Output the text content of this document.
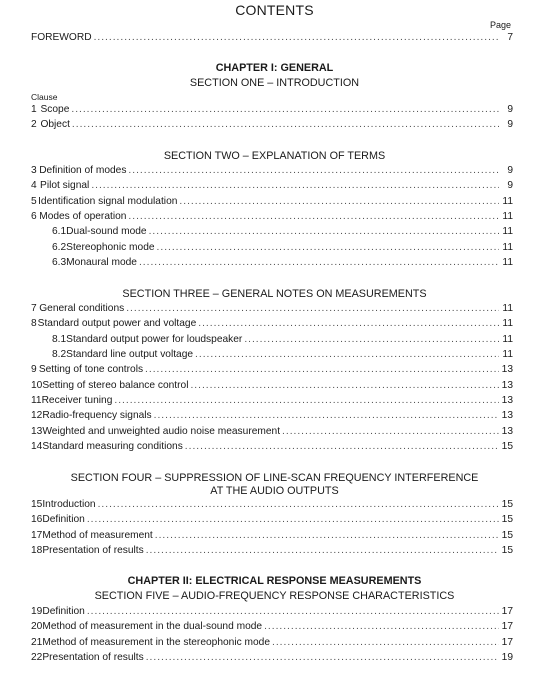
CONTENTS
Page
FOREWORD .....	7
CHAPTER I: GENERAL
SECTION ONE – INTRODUCTION
Clause
1 Scope .....	9
2 Object .....	9
SECTION TWO – EXPLANATION OF TERMS
3 Definition of modes .....	9
4 Pilot signal .....	9
5 Identification signal modulation .....	11
6 Modes of operation .....	11
6.1 Dual-sound mode .....	11
6.2 Stereophonic mode .....	11
6.3 Monaural mode .....	11
SECTION THREE – GENERAL NOTES ON MEASUREMENTS
7 General conditions .....	11
8 Standard output power and voltage .....	11
8.1 Standard output power for loudspeaker .....	11
8.2 Standard line output voltage .....	11
9 Setting of tone controls .....	13
10 Setting of stereo balance control .....	13
11 Receiver tuning .....	13
12 Radio-frequency signals .....	13
13 Weighted and unweighted audio noise measurement .....	13
14 Standard measuring conditions .....	15
SECTION FOUR – SUPPRESSION OF LINE-SCAN FREQUENCY INTERFERENCE
AT THE AUDIO OUTPUTS
15 Introduction .....	15
16 Definition .....	15
17 Method of measurement .....	15
18 Presentation of results .....	15
CHAPTER II: ELECTRICAL RESPONSE MEASUREMENTS
SECTION FIVE – AUDIO-FREQUENCY RESPONSE CHARACTERISTICS
19 Definition .....	17
20 Method of measurement in the dual-sound mode .....	17
21 Method of measurement in the stereophonic mode .....	17
22 Presentation of results .....	19
